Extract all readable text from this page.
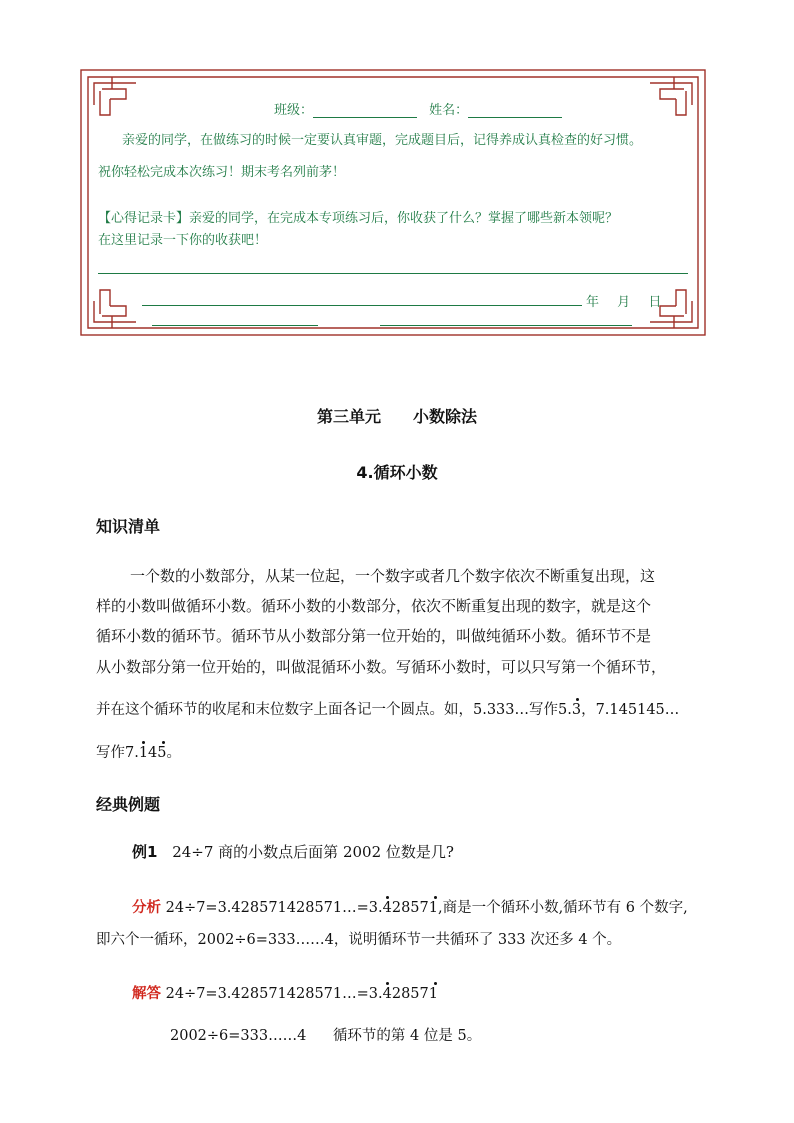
班级：	姓名：
亲爱的同学，在做练习的时候一定要认真审题，完成题目后，记得养成认真检查的好习惯。
祝你轻松完成本次练习！期末考名列前茅！
【心得记录卡】亲爱的同学，在完成本专项练习后，你收获了什么？掌握了哪些新本领呢？
在这里记录一下你的收获吧！
年 月 日
第三单元　　小数除法
4.循环小数
知识清单
一个数的小数部分，从某一位起，一个数字或者几个数字依次不断重复出现，这
样的小数叫做循环小数。循环小数的小数部分，依次不断重复出现的数字，就是这个
循环小数的循环节。循环节从小数部分第一位开始的，叫做纯循环小数。循环节不是
从小数部分第一位开始的，叫做混循环小数。写循环小数时，可以只写第一个循环节，
并在这个循环节的收尾和末位数字上面各记一个圆点。如，5.333…写作5.3
，7.145145…
写作7.145
。
经典例题
例1 24÷7 商的小数点后面第 2002 位数是几?
分析 24÷7=3.428571428571…=3.428571
,商是一个循环小数,循环节有 6 个数字,
即六个一循环，2002÷6=333……4，说明循环节一共循环了 333 次还多 4 个。
解答 24÷7=3.428571428571…=3.428571
2002÷6=333……4 循环节的第 4 位是 5。
